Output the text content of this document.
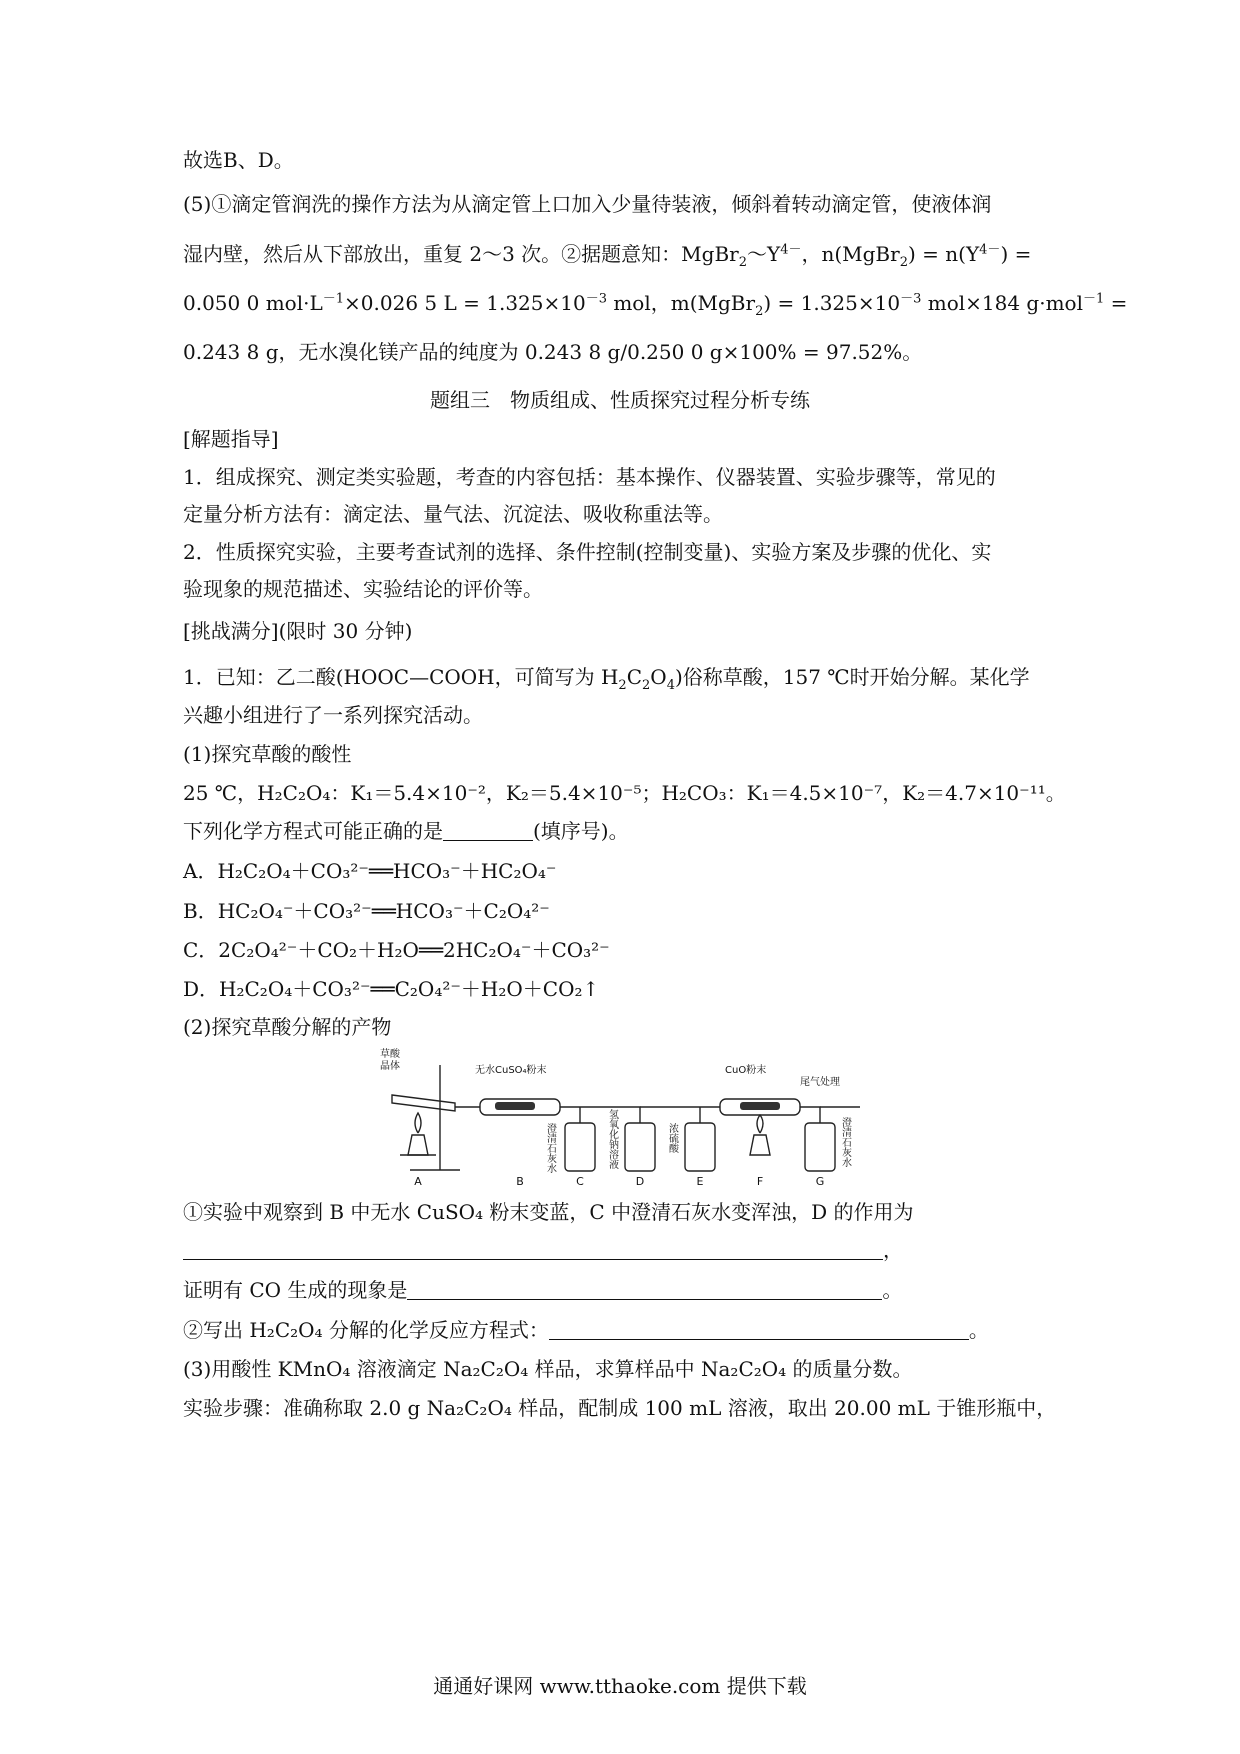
故选B、D。
(5)①滴定管润洗的操作方法为从滴定管上口加入少量待装液，倾斜着转动滴定管，使液体润
湿内壁，然后从下部放出，重复 2～3 次。②据题意知：$MgBr_2\sim Y^{4-}$，n(MgBr$_2$) = $n(Y^{4-})$ =
0.050 0 $mol\cdot L^{-1}\times 0.026$ 5 $L = 1.325\times 10^{-3}$ mol，m(MgBr$_2$) = $1.325\times 10^{-3}$ mol×184 g·mol$^{-1}$ =
0.243 8 g，无水溴化镁产品的纯度为 0.243 8 g/0.250 0 g×100% = 97.52%。
题组三　物质组成、性质探究过程分析专练
[解题指导]
1．组成探究、测定类实验题，考查的内容包括：基本操作、仪器装置、实验步骤等，常见的
定量分析方法有：滴定法、量气法、沉淀法、吸收称重法等。
2．性质探究实验，主要考查试剂的选择、条件控制(控制变量)、实验方案及步骤的优化、实
验现象的规范描述、实验结论的评价等。
[挑战满分](限时 30 分钟)
1．已知：乙二酸(HOOC—COOH，可简写为 $H_2C_2O_4$)俗称草酸，157 ℃时开始分解。某化学
兴趣小组进行了一系列探究活动。
(1)探究草酸的酸性
25 ℃，H₂C₂O₄：K₁＝5.4×10⁻²，K₂＝5.4×10⁻⁵；H₂CO₃：K₁＝4.5×10⁻⁷，K₂＝4.7×10⁻¹¹。
下列化学方程式可能正确的是	(填序号)。
A．H₂C₂O₄＋CO₃²⁻══HCO₃⁻＋HC₂O₄⁻
B．HC₂O₄⁻＋CO₃²⁻══HCO₃⁻＋C₂O₄²⁻
C．2C₂O₄²⁻＋CO₂＋H₂O══2HC₂O₄⁻＋CO₃²⁻
D．H₂C₂O₄＋CO₃²⁻══C₂O₄²⁻＋H₂O＋CO₂↑
(2)探究草酸分解的产物
草酸
晶体	无水CuSO₄粉末	CuO粉末
尾气处理
澄清石灰水	氢氧化钠溶液	浓硫酸	澄清石灰水
A	B	C	D	E	F	G
①实验中观察到 B 中无水 CuSO₄ 粉末变蓝，C 中澄清石灰水变浑浊，D 的作用为
，
证明有 CO 生成的现象是	。
②写出 H₂C₂O₄ 分解的化学反应方程式：	。
(3)用酸性 KMnO₄ 溶液滴定 Na₂C₂O₄ 样品，求算样品中 Na₂C₂O₄ 的质量分数。
实验步骤：准确称取 2.0 g Na₂C₂O₄ 样品，配制成 100 mL 溶液，取出 20.00 mL 于锥形瓶中，
通通好课网 www.tthaoke.com 提供下载
